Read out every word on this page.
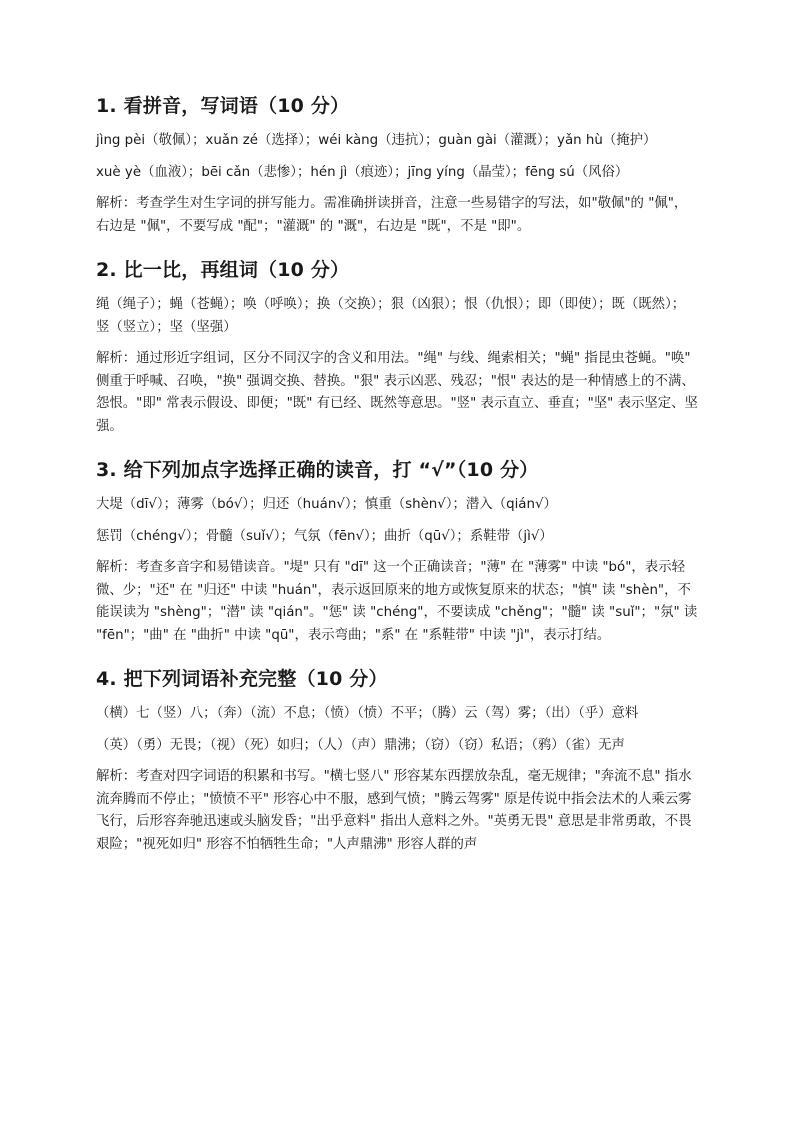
1. 看拼音，写词语（10 分）
jìng pèi（敬佩）；xuǎn zé（选择）；wéi kàng（违抗）；guàn gài（灌溉）；yǎn hù（掩护）
xuè yè（血液）；bēi cǎn（悲惨）；hén jì（痕迹）；jīng yíng（晶莹）；fēng sú（风俗）
解析：考查学生对生字词的拼写能力。需准确拼读拼音，注意一些易错字的写法，如"敬佩"的 "佩"，右边是 "佩"，不要写成 "配"；"灌溉" 的 "溉"，右边是 "既"，不是 "即"。
2. 比一比，再组词（10 分）
绳（绳子）；蝇（苍蝇）；唤（呼唤）；换（交换）；狠（凶狠）；恨（仇恨）；即（即使）；既（既然）；竖（竖立）；坚（坚强）
解析：通过形近字组词，区分不同汉字的含义和用法。"绳" 与线、绳索相关；"蝇" 指昆虫苍蝇。"唤" 侧重于呼喊、召唤，"换" 强调交换、替换。"狠" 表示凶恶、残忍；"恨" 表达的是一种情感上的不满、怨恨。"即" 常表示假设、即便；"既" 有已经、既然等意思。"竖" 表示直立、垂直；"坚" 表示坚定、坚强。
3. 给下列加点字选择正确的读音，打 “√”（10 分）
大堤（dī√）；薄雾（bó√）；归还（huán√）；慎重（shèn√）；潜入（qián√）
惩罚（chéng√）；骨髓（suǐ√）；气氛（fēn√）；曲折（qū√）；系鞋带（jì√）
解析：考查多音字和易错读音。"堤" 只有 "dī" 这一个正确读音；"薄" 在 "薄雾" 中读 "bó"，表示轻微、少；"还" 在 "归还" 中读 "huán"，表示返回原来的地方或恢复原来的状态；"慎" 读 "shèn"，不能误读为 "shèng"；"潜" 读 "qián"。"惩" 读 "chéng"，不要读成 "chěng"；"髓" 读 "suǐ"；"氛" 读 "fēn"；"曲" 在 "曲折" 中读 "qū"，表示弯曲；"系" 在 "系鞋带" 中读 "jì"，表示打结。
4. 把下列词语补充完整（10 分）
（横）七（竖）八；（奔）（流）不息；（愤）（愤）不平；（腾）云（驾）雾；（出）（乎）意料
（英）（勇）无畏；（视）（死）如归；（人）（声）鼎沸；（窃）（窃）私语；（鸦）（雀）无声
解析：考查对四字词语的积累和书写。"横七竖八" 形容某东西摆放杂乱，毫无规律；"奔流不息" 指水流奔腾而不停止；"愤愤不平" 形容心中不服，感到气愤；"腾云驾雾" 原是传说中指会法术的人乘云雾飞行，后形容奔驰迅速或头脑发昏；"出乎意料" 指出人意料之外。"英勇无畏" 意思是非常勇敢，不畏艰险；"视死如归" 形容不怕牺牲生命；"人声鼎沸" 形容人群的声
